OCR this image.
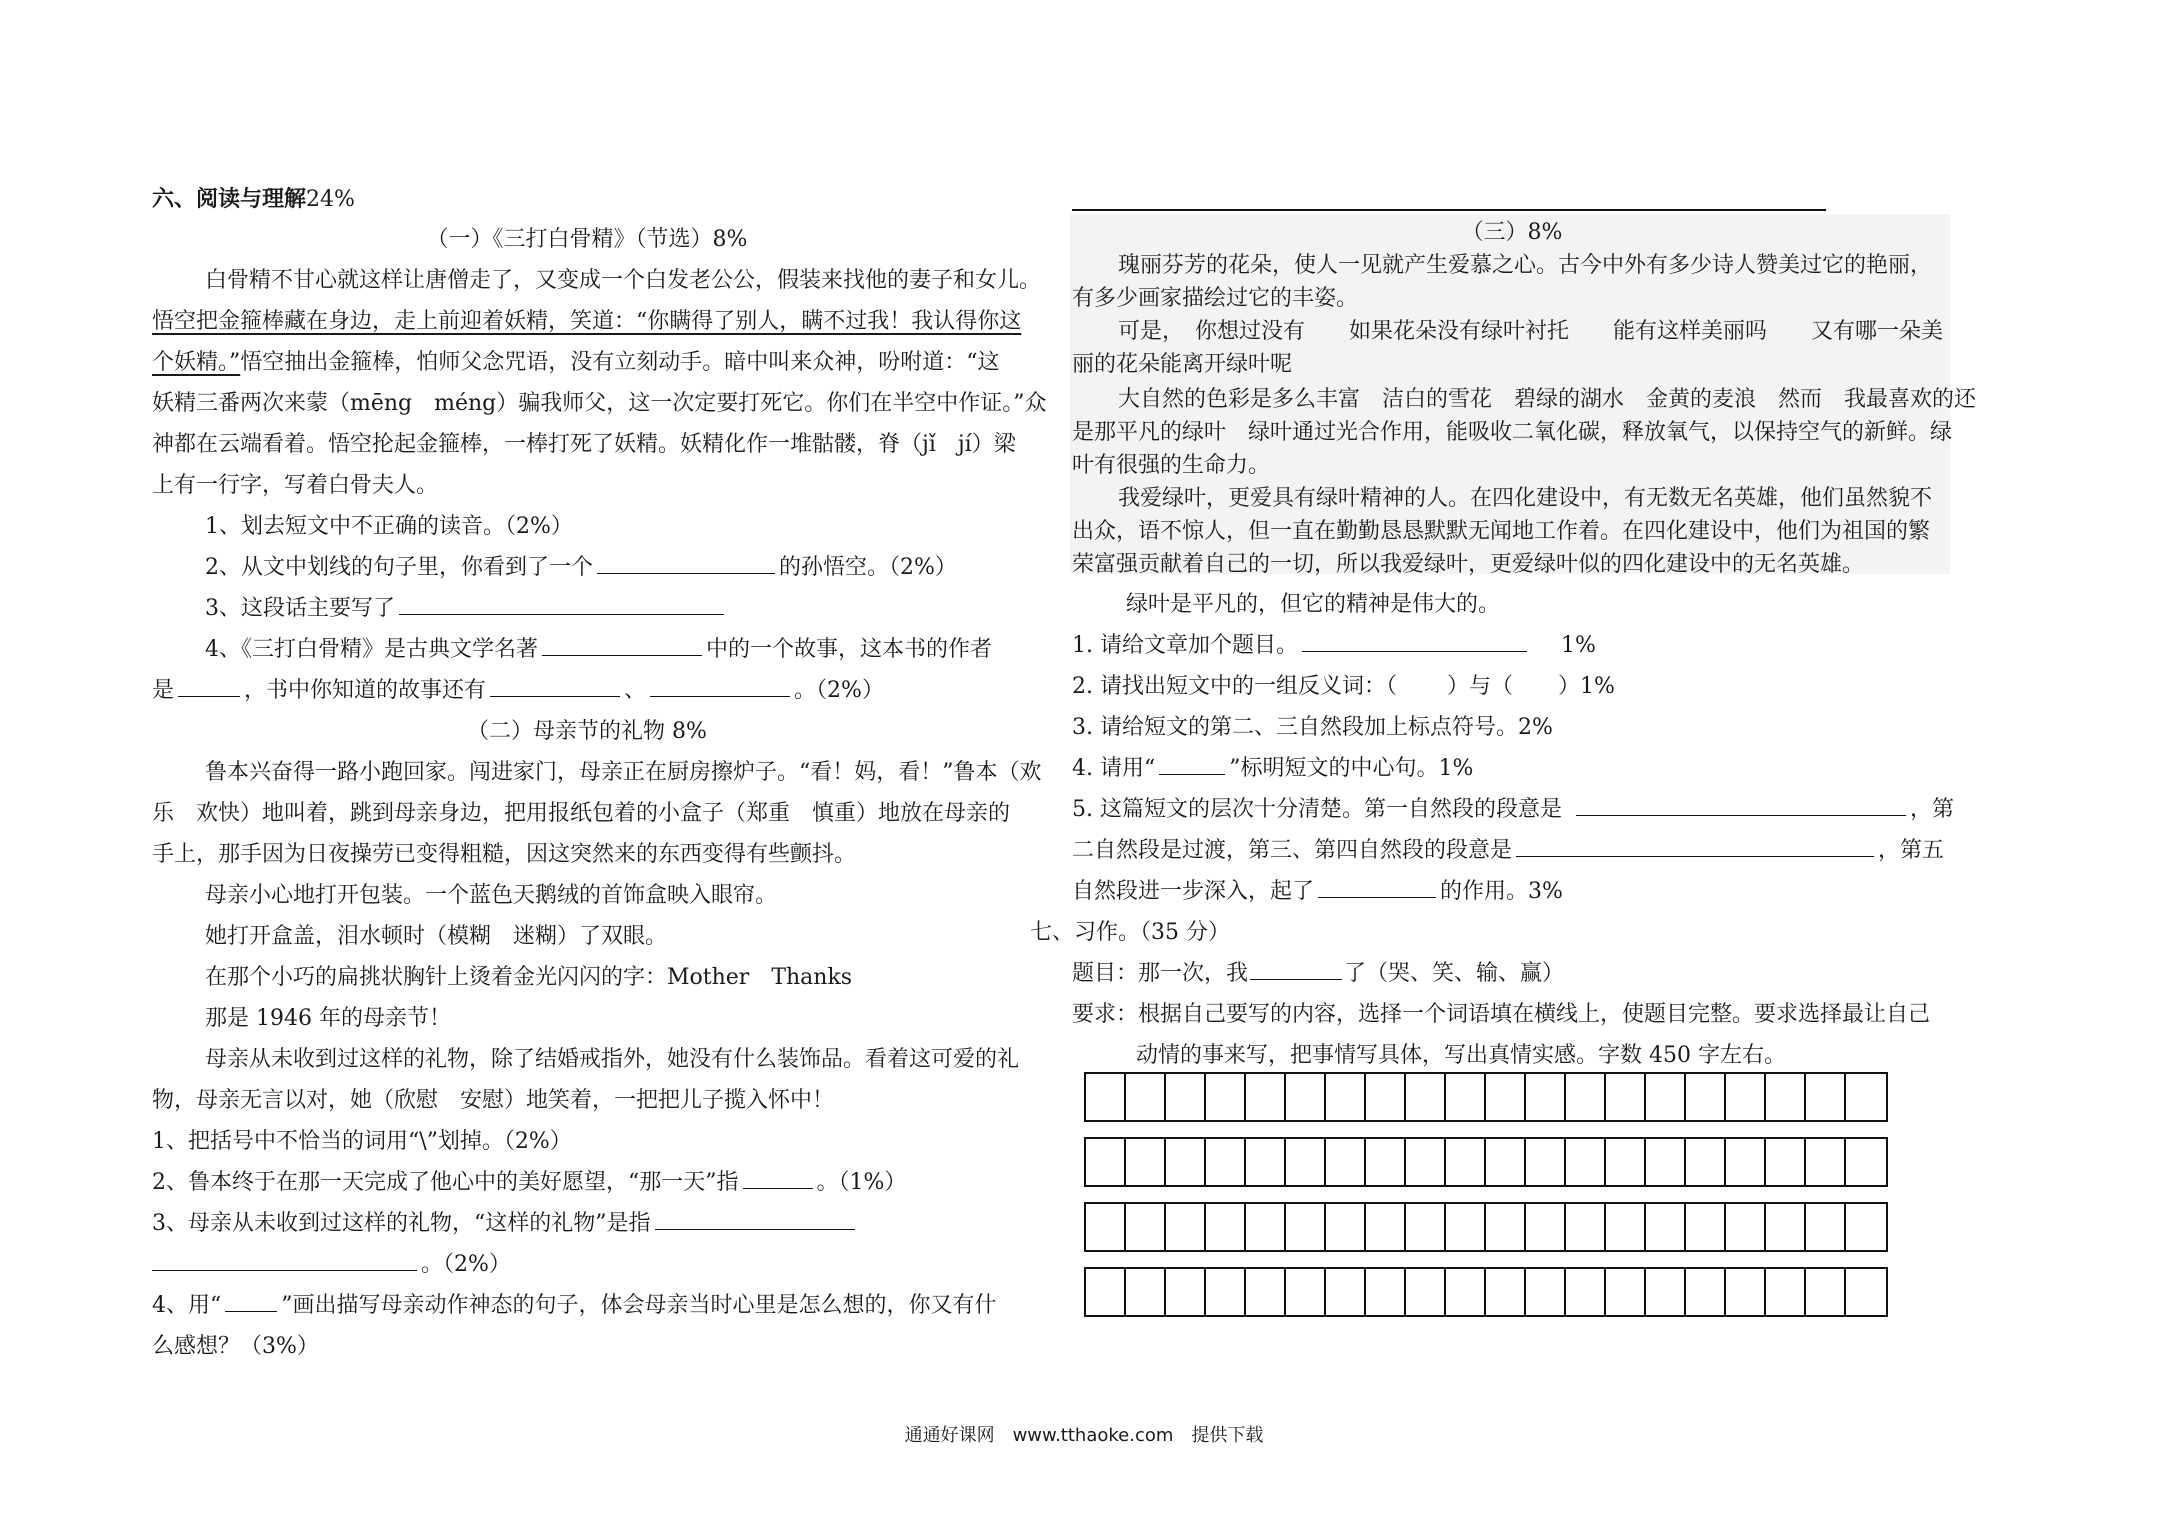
六、阅读与理解24%
（一）《三打白骨精》（节选）8%
白骨精不甘心就这样让唐僧走了，又变成一个白发老公公，假装来找他的妻子和女儿。
悟空把金箍棒藏在身边，走上前迎着妖精，笑道：“你瞒得了别人，瞒不过我！我认得你这
个妖精。”悟空抽出金箍棒，怕师父念咒语，没有立刻动手。暗中叫来众神，吩咐道：“这
妖精三番两次来蒙（mēng　méng）骗我师父，这一次定要打死它。你们在半空中作证。”众
神都在云端看着。悟空抡起金箍棒，一棒打死了妖精。妖精化作一堆骷髅，脊（jǐ　jí）梁
上有一行字，写着白骨夫人。
1、划去短文中不正确的读音。（2%）
2、从文中划线的句子里，你看到了一个	的孙悟空。（2%）
3、这段话主要写了
4、《三打白骨精》是古典文学名著	中的一个故事，这本书的作者
是	，书中你知道的故事还有	、	。（2%）
（二）母亲节的礼物 8%
鲁本兴奋得一路小跑回家。闯进家门，母亲正在厨房擦炉子。“看！妈，看！”鲁本（欢
乐　欢快）地叫着，跳到母亲身边，把用报纸包着的小盒子（郑重　慎重）地放在母亲的
手上，那手因为日夜操劳已变得粗糙，因这突然来的东西变得有些颤抖。
母亲小心地打开包装。一个蓝色天鹅绒的首饰盒映入眼帘。
她打开盒盖，泪水顿时（模糊　迷糊）了双眼。
在那个小巧的扁挑状胸针上烫着金光闪闪的字：Mother　Thanks
那是 1946 年的母亲节！
母亲从未收到过这样的礼物，除了结婚戒指外，她没有什么装饰品。看着这可爱的礼
物，母亲无言以对，她（欣慰　安慰）地笑着，一把把儿子揽入怀中！
1、把括号中不恰当的词用“\”划掉。（2%）
2、鲁本终于在那一天完成了他心中的美好愿望，“那一天”指	。（1%）
3、母亲从未收到过这样的礼物，“这样的礼物”是指
。（2%）
4、用“	”画出描写母亲动作神态的句子，体会母亲当时心里是怎么想的，你又有什
么感想？（3%）
（三）8%
瑰丽芬芳的花朵，使人一见就产生爱慕之心。古今中外有多少诗人赞美过它的艳丽，
有多少画家描绘过它的丰姿。
可是，　你想过没有　　如果花朵没有绿叶衬托　　能有这样美丽吗　　又有哪一朵美
丽的花朵能离开绿叶呢
大自然的色彩是多么丰富　洁白的雪花　碧绿的湖水　金黄的麦浪　然而　我最喜欢的还
是那平凡的绿叶　绿叶通过光合作用，能吸收二氧化碳，释放氧气，以保持空气的新鲜。绿
叶有很强的生命力。
我爱绿叶，更爱具有绿叶精神的人。在四化建设中，有无数无名英雄，他们虽然貌不
出众，语不惊人，但一直在勤勤恳恳默默无闻地工作着。在四化建设中，他们为祖国的繁
荣富强贡献着自己的一切，所以我爱绿叶，更爱绿叶似的四化建设中的无名英雄。
绿叶是平凡的，但它的精神是伟大的。
1. 请给文章加个题目。	1%
2. 请找出短文中的一组反义词：（ ）与（ ）1%
3. 请给短文的第二、三自然段加上标点符号。2%
4. 请用“	”标明短文的中心句。1%
5. 这篇短文的层次十分清楚。第一自然段的段意是	，第
二自然段是过渡，第三、第四自然段的段意是	，第五
自然段进一步深入，起了	的作用。3%
七、习作。（35 分）
题目：那一次，我	了（哭、笑、输、赢）
要求：根据自己要写的内容，选择一个词语填在横线上，使题目完整。要求选择最让自己
动情的事来写，把事情写具体，写出真情实感。字数 450 字左右。
通通好课网　www.tthaoke.com　提供下载
